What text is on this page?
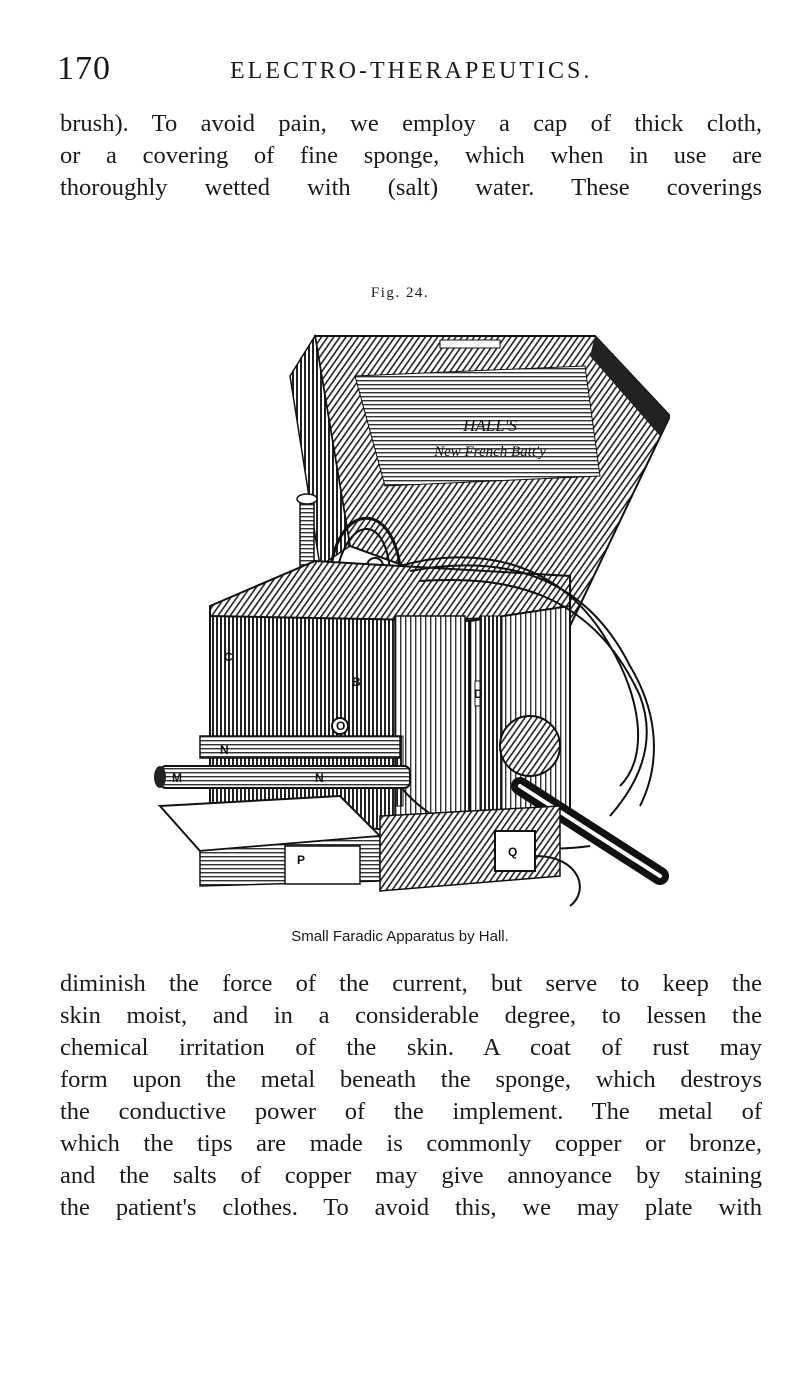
170	ELECTRO-THERAPEUTICS.
brush). To avoid pain, we employ a cap of thick cloth,
or a covering of fine sponge, which when in use are
thoroughly wetted with (salt) water. These coverings
Fig. 24.
HALL'S
New French Batt'y
N
M	N
O
P
Q
C
D
B
Small Faradic Apparatus by Hall.
diminish the force of the current, but serve to keep the
skin moist, and in a considerable degree, to lessen the
chemical irritation of the skin. A coat of rust may
form upon the metal beneath the sponge, which destroys
the conductive power of the implement. The metal of
which the tips are made is commonly copper or bronze,
and the salts of copper may give annoyance by staining
the patient's clothes. To avoid this, we may plate with
